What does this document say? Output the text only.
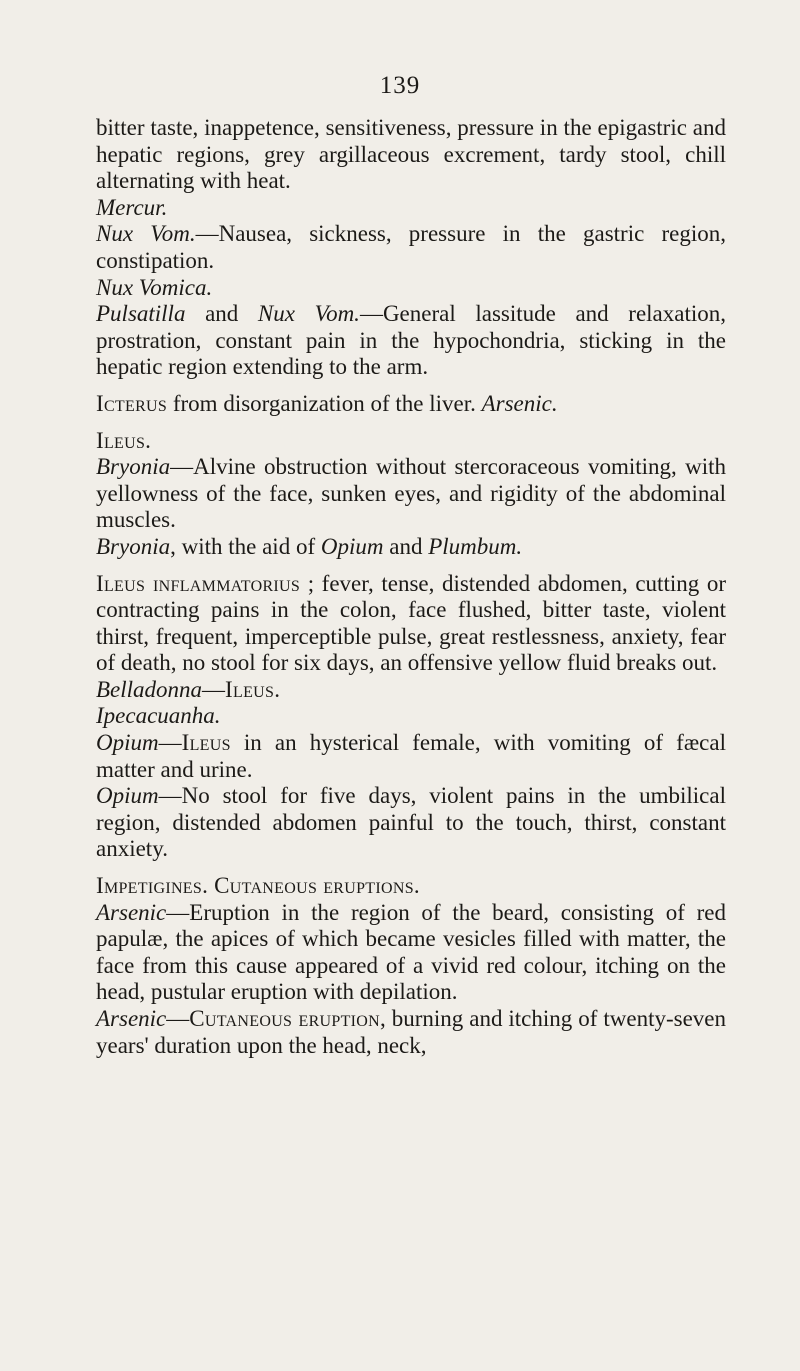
139

bitter taste, inappetence, sensitiveness, pressure in the epigastric and hepatic regions, grey argillaceous excrement, tardy stool, chill alternating with heat.

Mercur.

Nux Vom.—Nausea, sickness, pressure in the gastric region, constipation.

Nux Vomica.

Pulsatilla and Nux Vom.—General lassitude and relaxation, prostration, constant pain in the hypochondria, sticking in the hepatic region extending to the arm.

Icterus from disorganization of the liver. Arsenic.

Ileus.

Bryonia—Alvine obstruction without stercoraceous vomiting, with yellowness of the face, sunken eyes, and rigidity of the abdominal muscles.

Bryonia, with the aid of Opium and Plumbum.

Ileus inflammatorius ; fever, tense, distended abdomen, cutting or contracting pains in the colon, face flushed, bitter taste, violent thirst, frequent, imperceptible pulse, great restlessness, anxiety, fear of death, no stool for six days, an offensive yellow fluid breaks out.

Belladonna—Ileus.

Ipecacuanha.

Opium—Ileus in an hysterical female, with vomiting of fæcal matter and urine.

Opium—No stool for five days, violent pains in the umbilical region, distended abdomen painful to the touch, thirst, constant anxiety.

Impetigines. Cutaneous eruptions.

Arsenic—Eruption in the region of the beard, consisting of red papulæ, the apices of which became vesicles filled with matter, the face from this cause appeared of a vivid red colour, itching on the head, pustular eruption with depilation.

Arsenic—Cutaneous eruption, burning and itching of twenty-seven years' duration upon the head, neck,
